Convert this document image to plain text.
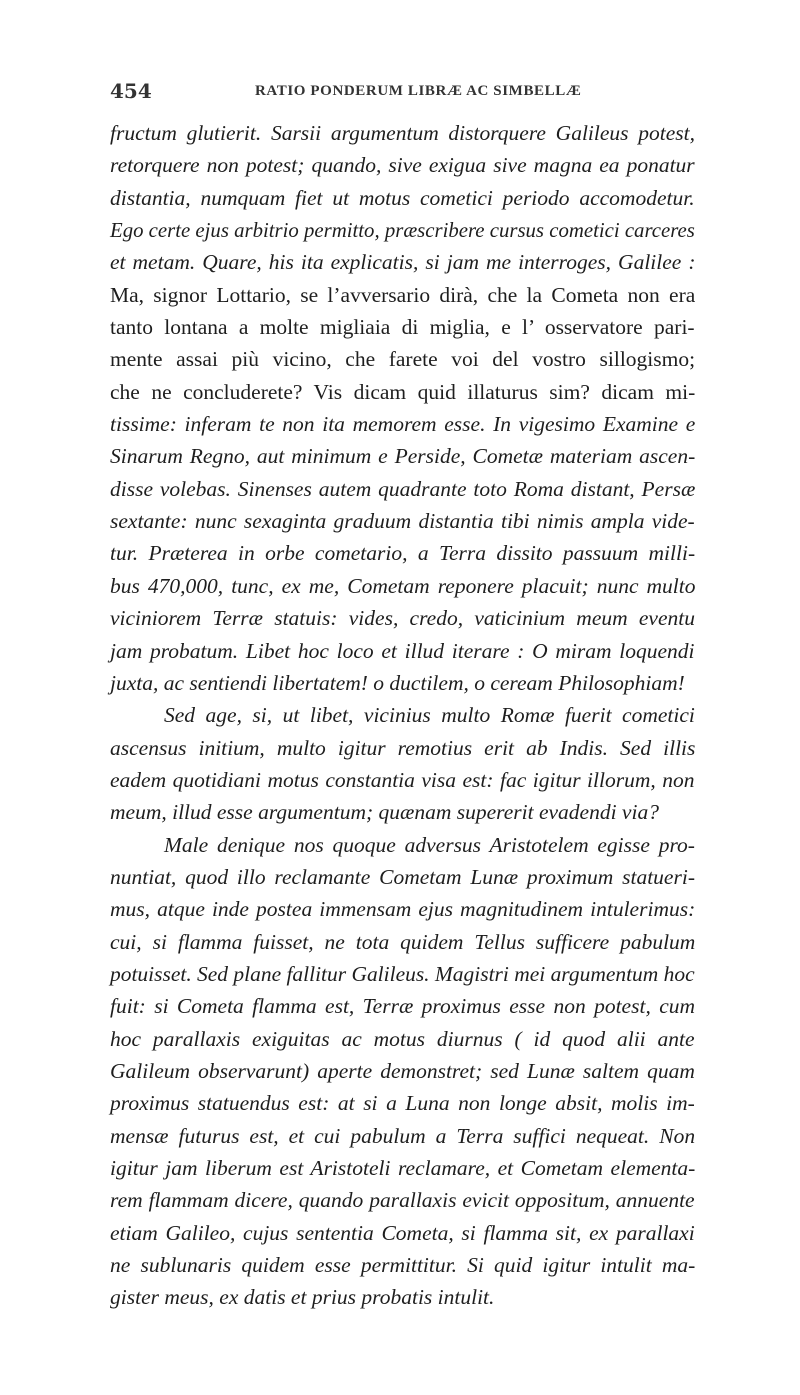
454	RATIO PONDERUM LIBRÆ AC SIMBELLÆ
fructum glutierit. Sarsii argumentum distorquere Galileus potest,
retorquere non potest; quando, sive exigua sive magna ea ponatur
distantia, numquam fiet ut motus cometici periodo accomodetur.
Ego certe ejus arbitrio permitto, præscribere cursus cometici carceres
et metam. Quare, his ita explicatis, si jam me interroges, Galilee :
Ma, signor Lottario, se l’avversario dirà, che la Cometa non era
tanto lontana a molte migliaia di miglia, e l’ osservatore pari-
mente assai più vicino, che farete voi del vostro sillogismo;
che ne concluderete? Vis dicam quid illaturus sim? dicam mi-
tissime: inferam te non ita memorem esse. In vigesimo Examine e
Sinarum Regno, aut minimum e Perside, Cometæ materiam ascen-
disse volebas. Sinenses autem quadrante toto Roma distant, Persæ
sextante: nunc sexaginta graduum distantia tibi nimis ampla vide-
tur. Præterea in orbe cometario, a Terra dissito passuum milli-
bus 470,000, tunc, ex me, Cometam reponere placuit; nunc multo
viciniorem Terræ statuis: vides, credo, vaticinium meum eventu
jam probatum. Libet hoc loco et illud iterare : O miram loquendi
juxta, ac sentiendi libertatem! o ductilem, o ceream Philosophiam!
Sed age, si, ut libet, vicinius multo Romæ fuerit cometici
ascensus initium, multo igitur remotius erit ab Indis. Sed illis
eadem quotidiani motus constantia visa est: fac igitur illorum, non
meum, illud esse argumentum; quænam supererit evadendi via?
Male denique nos quoque adversus Aristotelem egisse pro-
nuntiat, quod illo reclamante Cometam Lunæ proximum statueri-
mus, atque inde postea immensam ejus magnitudinem intulerimus:
cui, si flamma fuisset, ne tota quidem Tellus sufficere pabulum
potuisset. Sed plane fallitur Galileus. Magistri mei argumentum hoc
fuit: si Cometa flamma est, Terræ proximus esse non potest, cum
hoc parallaxis exiguitas ac motus diurnus ( id quod alii ante
Galileum observarunt) aperte demonstret; sed Lunæ saltem quam
proximus statuendus est: at si a Luna non longe absit, molis im-
mensæ futurus est, et cui pabulum a Terra suffici nequeat. Non
igitur jam liberum est Aristoteli reclamare, et Cometam elementa-
rem flammam dicere, quando parallaxis evicit oppositum, annuente
etiam Galileo, cujus sententia Cometa, si flamma sit, ex parallaxi
ne sublunaris quidem esse permittitur. Si quid igitur intulit ma-
gister meus, ex datis et prius probatis intulit.
